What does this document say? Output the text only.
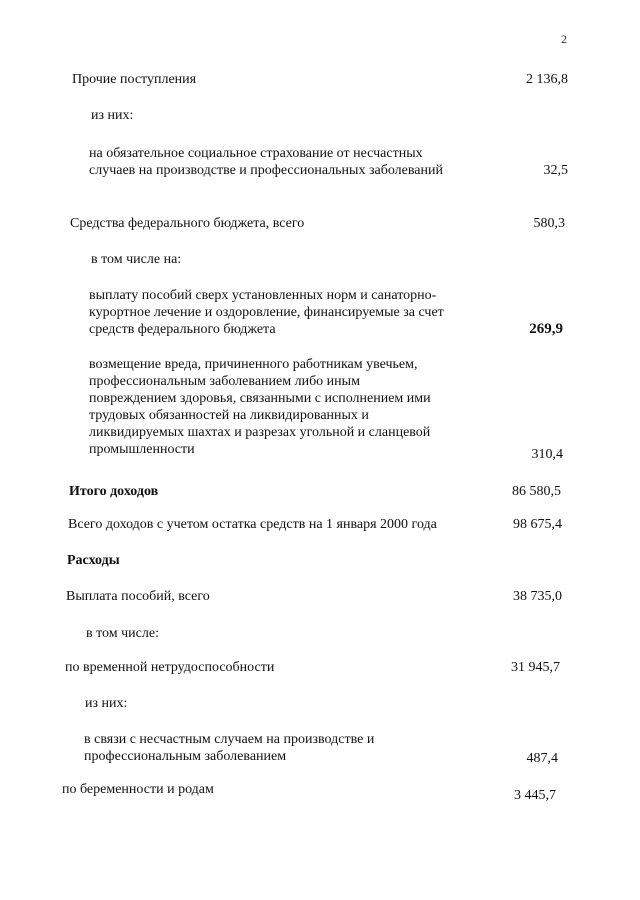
2
Прочие поступления	2 136,8
из них:
на обязательное социальное страхование от несчастных
случаев на производстве и профессиональных заболеваний	32,5
Средства федерального бюджета, всего	580,3
в том числе на:
выплату пособий сверх установленных норм и санаторно-
курортное лечение и оздоровление, финансируемые за счет
средств федерального бюджета	269,9
возмещение вреда, причиненного работникам увечьем,
профессиональным заболеванием либо иным
повреждением здоровья, связанными с исполнением ими
трудовых обязанностей на ликвидированных и
ликвидируемых шахтах и разрезах угольной и сланцевой
промышленности	310,4
Итого доходов	86 580,5
Всего доходов с учетом остатка средств на 1 января 2000 года	98 675,4
Расходы
Выплата пособий, всего	38 735,0
в том числе:
по временной нетрудоспособности	31 945,7
из них:
в связи с несчастным случаем на производстве и
профессиональным заболеванием	487,4
по беременности и родам	3 445,7
